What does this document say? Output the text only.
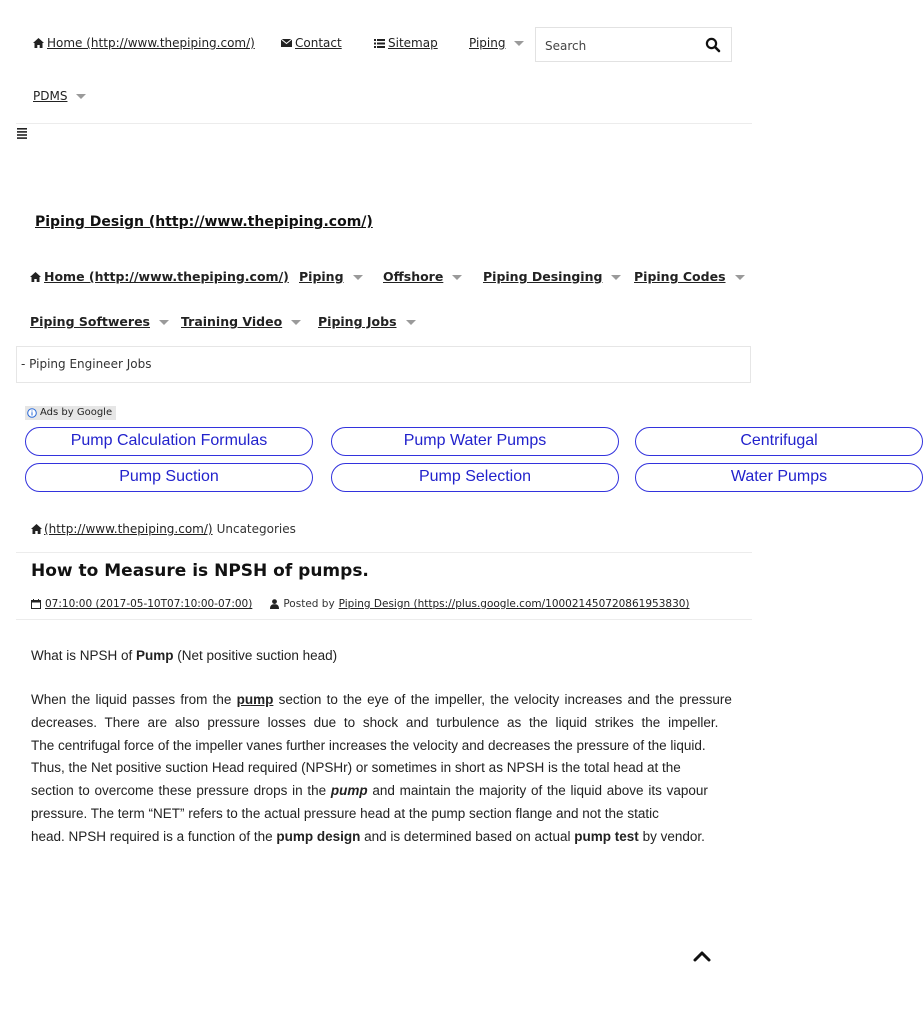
Home (http://www.thepiping.com/)	Contact	Sitemap	Piping
Search
PDMS
Piping Design (http://www.thepiping.com/)
Home (http://www.thepiping.com/) Piping	Offshore	Piping Desinging	Piping Codes
Piping Softweres Training Video	Piping Jobs
- Piping Engineer Jobs
Ads by Google
Pump Calculation Formulas	Pump Water Pumps	Centrifugal
Pump Suction	Pump Selection	Water Pumps
(http://www.thepiping.com/) Uncategories
How to Measure is NPSH of pumps.
07:10:00 (2017-05-10T07:10:00-07:00)	Posted by Piping Design (https://plus.google.com/100021450720861953830)

What is NPSH of Pump (Net positive suction head)

When the liquid passes from the pump section to the eye of the impeller, the velocity increases and the pressure

decreases. There are also pressure losses due to shock and turbulence as the liquid strikes the impeller.

The centrifugal force of the impeller vanes further increases the velocity and decreases the pressure of the liquid.

Thus, the Net positive suction Head required (NPSHr) or sometimes in short as NPSH is the total head at the

section to overcome these pressure drops in the pump and maintain the majority of the liquid above its vapour

pressure. The term “NET” refers to the actual pressure head at the pump section flange and not the static

head. NPSH required is a function of the pump design and is determined based on actual pump test by vendor.
